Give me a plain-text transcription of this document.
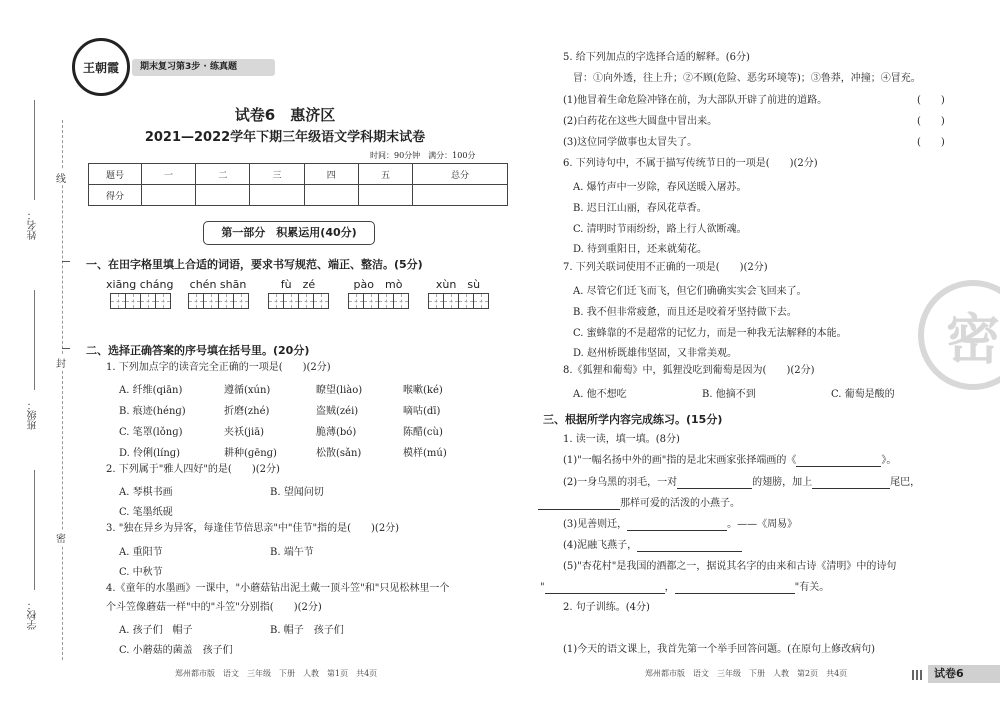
线
封
密
姓名：
班级：
学校：
王朝霞	期末复习第3步 · 练真题
试卷6　惠济区
2021—2022学年下期三年级语文学科期末试卷
时间：90分钟　满分：100分
题号	一	二	三	四	五	总分
得分						
第一部分　积累运用(40分)
一、在田字格里填上合适的词语，要求书写规范、端正、整洁。(5分)
xiāng cháng chén shān	fù　zé	pào　mò	xùn　sù
二、选择正确答案的序号填在括号里。(20分)
1. 下列加点字的读音完全正确的一项是(　　)(2分)
A. 纤维(qiān)	遵循(xún)	瞭望(liào)	喉嗽(ké)
B. 痕迹(hénɡ)	折磨(zhé)	盗贼(zéi)	嘀咕(dī)
C. 笔罩(lǒnɡ)	夹袄(jiā)	脆薄(bó)	陈醋(cù)
D. 伶俐(línɡ)	耕种(ɡēnɡ)	松散(sǎn)	模样(mú)
2. 下列属于"雅人四好"的是(　　)(2分)
A. 琴棋书画	B. 望闻问切
C. 笔墨纸砚
3. "独在异乡为异客，每逢佳节倍思亲"中"佳节"指的是(　　)(2分)
A. 重阳节	B. 端午节
C. 中秋节
4.《童年的水墨画》一课中，"小蘑菇钻出泥土戴一顶斗笠"和"只见松林里一个
个斗笠像蘑菇一样"中的"斗笠"分别指(　　)(2分)
A. 孩子们　帽子	B. 帽子　孩子们
C. 小蘑菇的菌盖　孩子们
郑州都市版　语文　三年级　下册　人教　第1页　共4页
5. 给下列加点的字选择合适的解释。(6分)
冒：①向外透，往上升；②不顾(危险、恶劣环境等)；③鲁莽，冲撞；④冒充。
(1)他冒着生命危险冲锋在前，为大部队开辟了前进的道路。	(　　)
(2)白药花在这些大圆盘中冒出来。	(　　)
(3)这位同学做事也太冒失了。	(　　)
6. 下列诗句中，不属于描写传统节日的一项是(　　)(2分)
A. 爆竹声中一岁除，春风送暖入屠苏。
B. 迟日江山丽，春风花草香。
C. 清明时节雨纷纷，路上行人欲断魂。
D. 待到重阳日，还来就菊花。
7. 下列关联词使用不正确的一项是(　　)(2分)
A. 尽管它们迁飞而飞，但它们确确实实会飞回来了。
B. 我不但非常疲惫，而且还是咬着牙坚持做下去。
C. 蜜蜂靠的不是超常的记忆力，而是一种我无法解释的本能。
D. 赵州桥既雄伟坚固，又非常美观。
8.《狐狸和葡萄》中，狐狸没吃到葡萄是因为(　　)(2分)
A. 他不想吃	B. 他摘不到	C. 葡萄是酸的
三、根据所学内容完成练习。(15分)
1. 读一读，填一填。(8分)
(1)"一幅名扬中外的画"指的是北宋画家张择端画的《	》。
(2)一身乌黑的羽毛，一对	的翅膀，加上	尾巴，
那样可爱的活泼的小燕子。
(3)见善则迁，	。——《周易》
(4)泥融飞燕子，
(5)"杏花村"是我国的酒都之一，据说其名字的由来和古诗《清明》中的诗句
"	，	"有关。
2. 句子训练。(4分)
(1)今天的语文课上，我首先第一个举手回答问题。(在原句上修改病句)
郑州都市版　语文　三年级　下册　人教　第2页　共4页	试卷6
密
